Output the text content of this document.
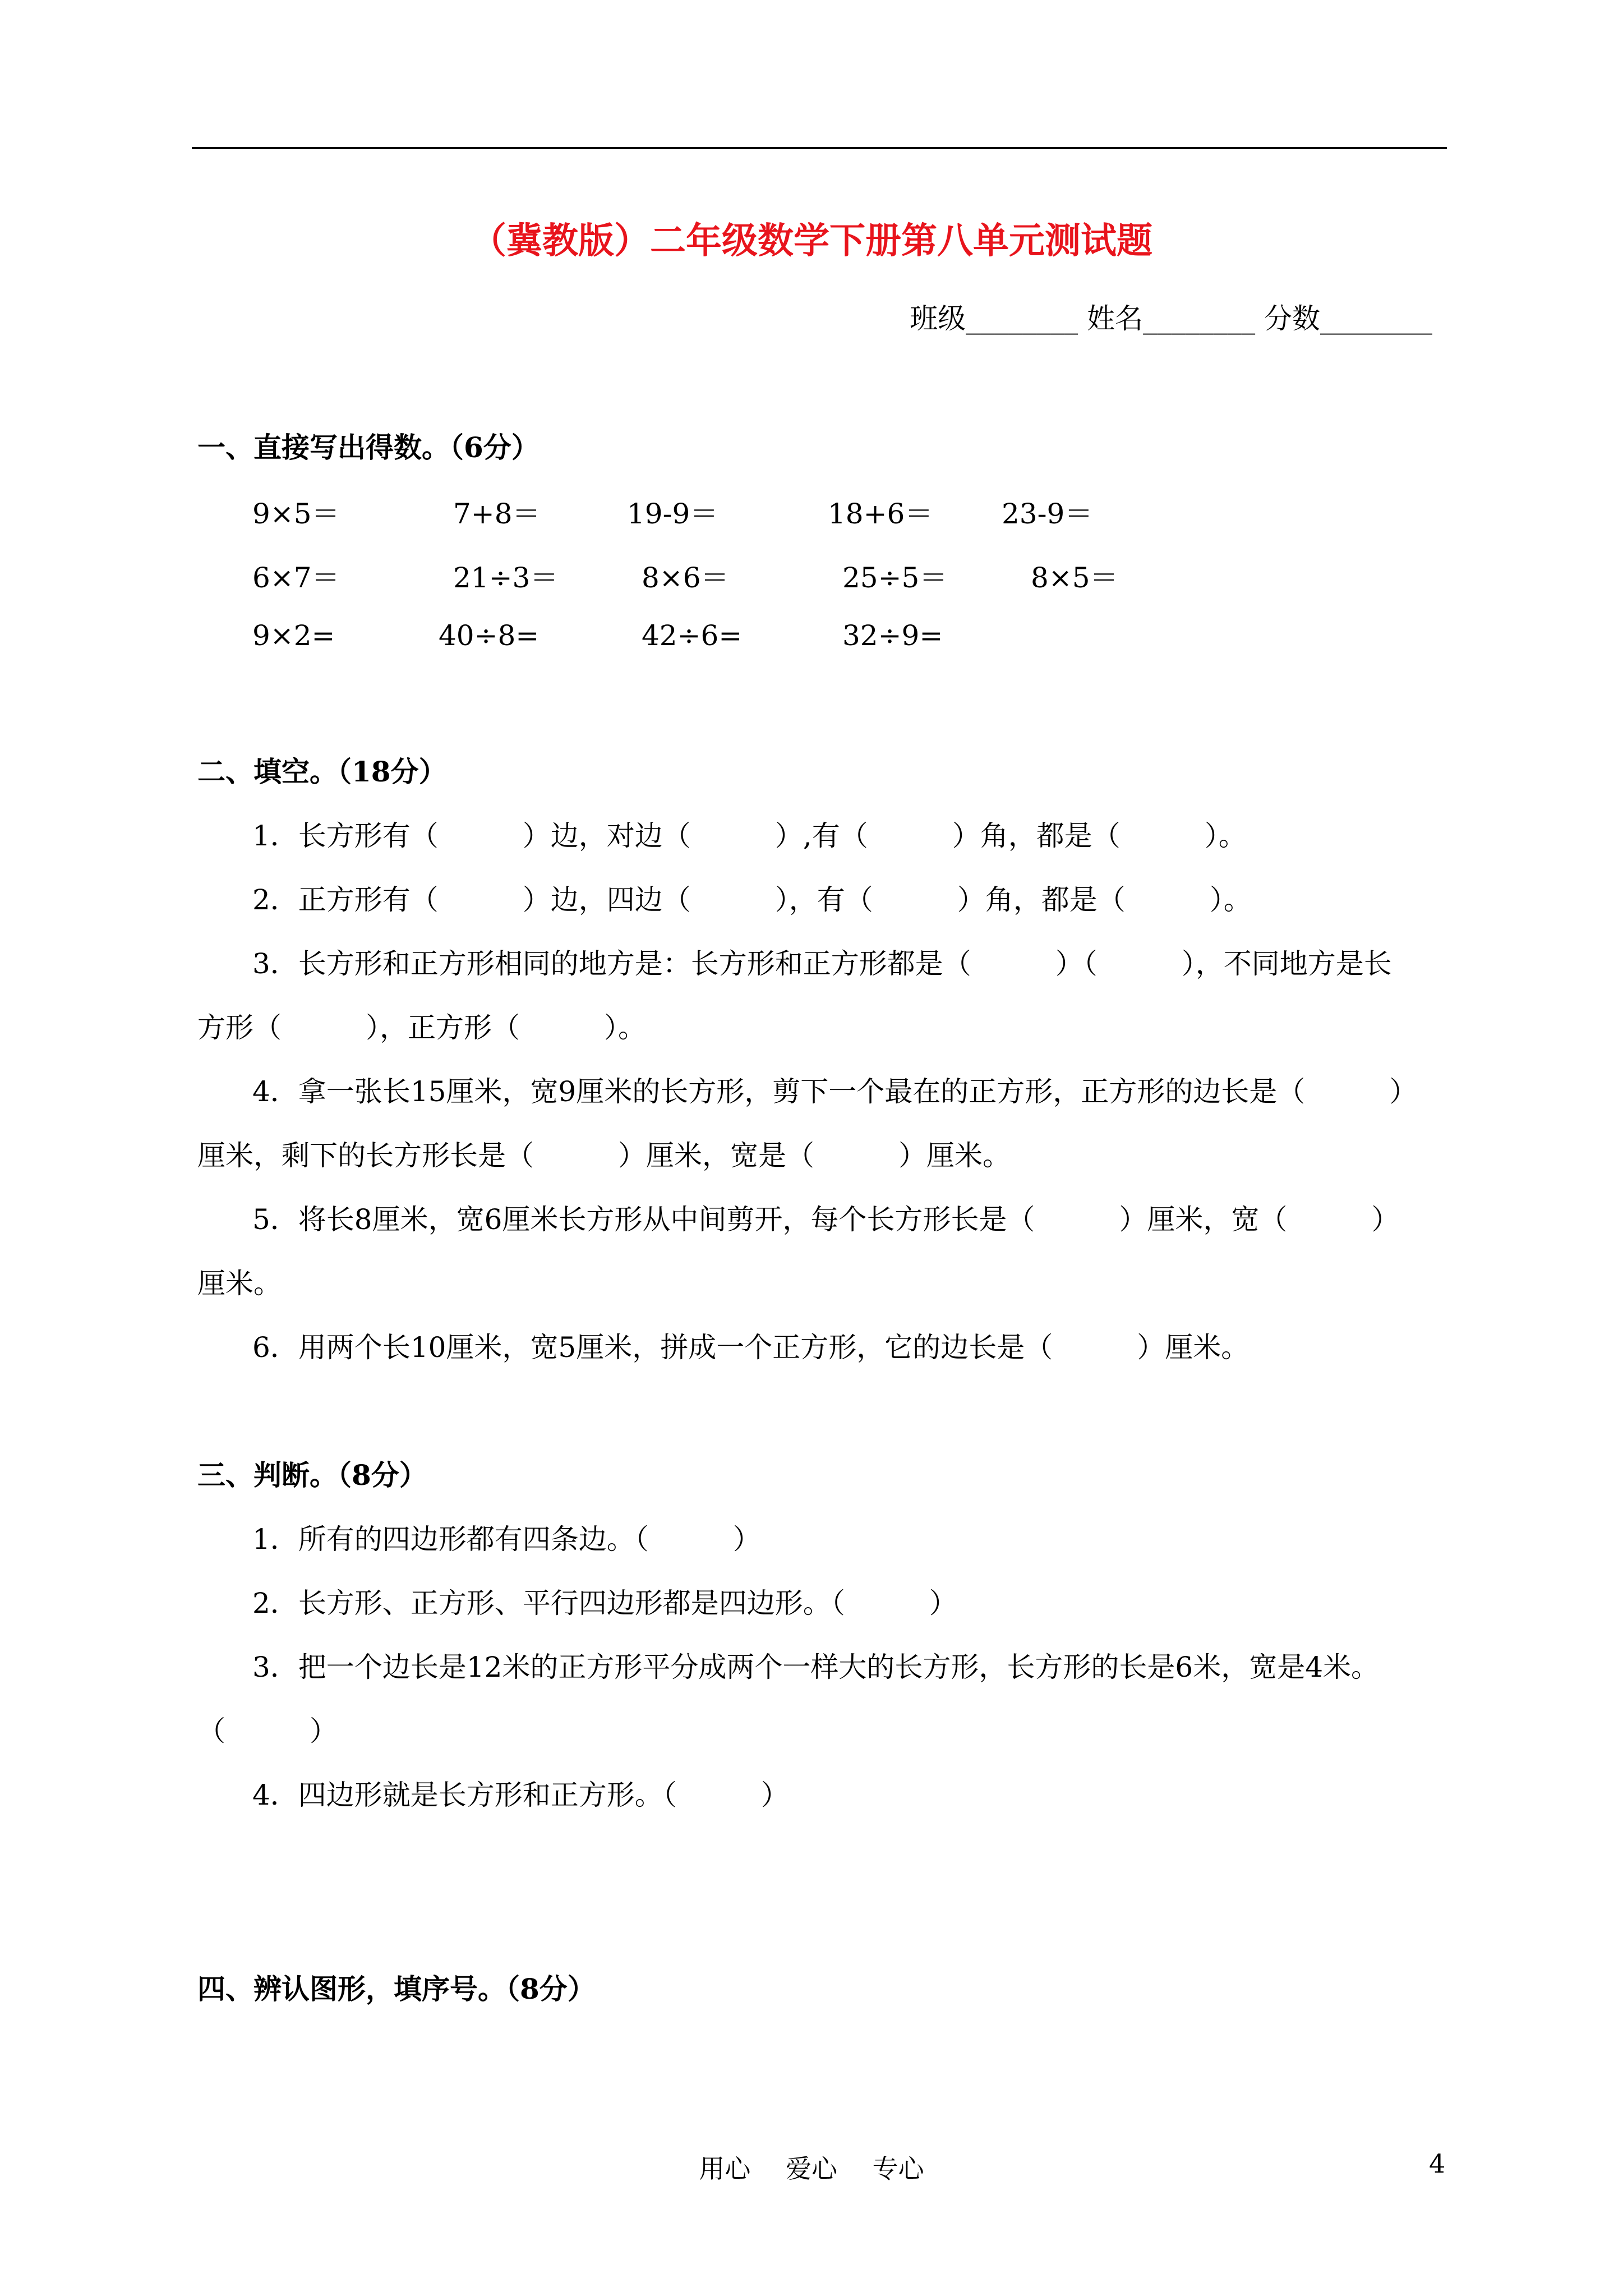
（冀教版）二年级数学下册第八单元测试题
班级________ 姓名________ 分数________
一、直接写出得数。（6分）
9×5＝	7+8＝	19-9＝	18+6＝ 23-9＝
6×7＝	21÷3＝	8×6＝	25÷5＝	8×5＝
9×2=	40÷8=	42÷6=	32÷9=
二、填空。（18分）
1．长方形有（　　　）边，对边（　　　）,有（　　　）角，都是（　　　）。
2．正方形有（　　　）边，四边（　　　），有（　　　）角，都是（　　　）。
3．长方形和正方形相同的地方是：长方形和正方形都是（　　　）（　　　），不同地方是长
方形（　　　），正方形（　　　）。
4．拿一张长15厘米，宽9厘米的长方形，剪下一个最在的正方形，正方形的边长是（　　　）
厘米，剩下的长方形长是（　　　）厘米，宽是（　　　）厘米。
5．将长8厘米，宽6厘米长方形从中间剪开，每个长方形长是（　　　）厘米，宽（　　　）
厘米。
6．用两个长10厘米，宽5厘米，拼成一个正方形，它的边长是（　　　）厘米。
三、判断。（8分）
1．所有的四边形都有四条边。（　　　）
2．长方形、正方形、平行四边形都是四边形。（　　　）
3．把一个边长是12米的正方形平分成两个一样大的长方形，长方形的长是6米，宽是4米。
（　　　）
4．四边形就是长方形和正方形。（　　　）
四、辨认图形，填序号。（8分）
用心 爱心 专心	4
